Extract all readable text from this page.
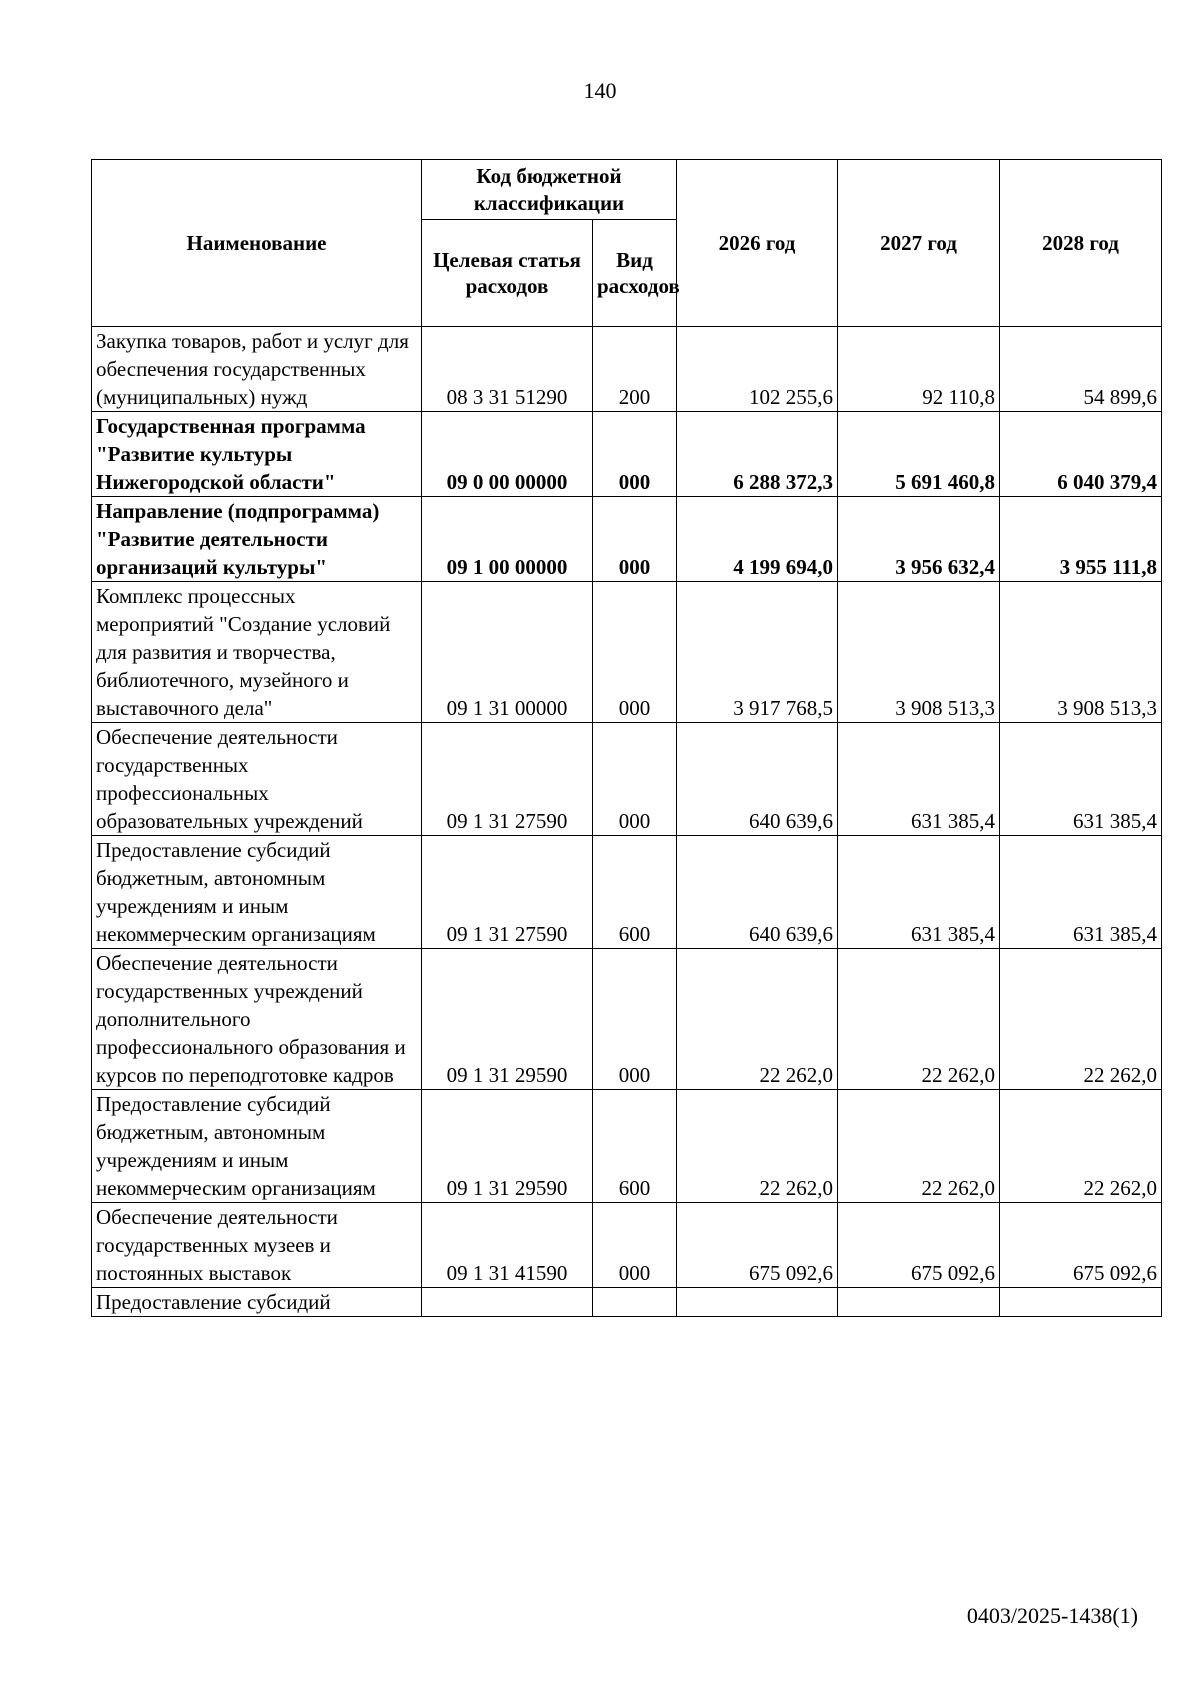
140
Наименование	Код бюджетной классификации		2026 год	2027 год	2028 год
	Целевая статья расходов	Вид расходов			
Закупка товаров, работ и услуг для обеспечения государственных (муниципальных) нужд	08 3 31 51290	200	102 255,6	92 110,8	54 899,6
Государственная программа "Развитие культуры Нижегородской области"	09 0 00 00000	000	6 288 372,3	5 691 460,8	6 040 379,4
Направление (подпрограмма) "Развитие деятельности организаций культуры"	09 1 00 00000	000	4 199 694,0	3 956 632,4	3 955 111,8
Комплекс процессных мероприятий "Создание условий для развития и творчества, библиотечного, музейного и выставочного дела"	09 1 31 00000	000	3 917 768,5	3 908 513,3	3 908 513,3
Обеспечение деятельности государственных профессиональных образовательных учреждений	09 1 31 27590	000	640 639,6	631 385,4	631 385,4
Предоставление субсидий бюджетным, автономным учреждениям и иным некоммерческим организациям	09 1 31 27590	600	640 639,6	631 385,4	631 385,4
Обеспечение деятельности государственных учреждений дополнительного профессионального образования и курсов по переподготовке кадров	09 1 31 29590	000	22 262,0	22 262,0	22 262,0
Предоставление субсидий бюджетным, автономным учреждениям и иным некоммерческим организациям	09 1 31 29590	600	22 262,0	22 262,0	22 262,0
Обеспечение деятельности государственных музеев и постоянных выставок	09 1 31 41590	000	675 092,6	675 092,6	675 092,6
Предоставление субсидий					
0403/2025-1438(1)
